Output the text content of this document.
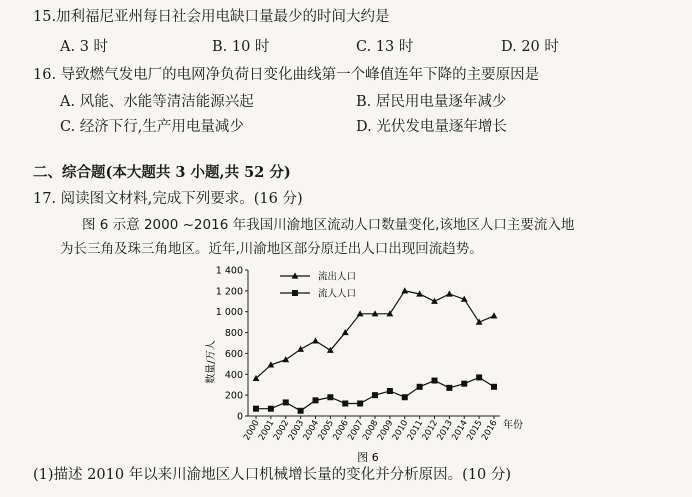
15.加利福尼亚州每日社会用电缺口量最少的时间大约是
A. 3 时	B. 10 时	C. 13 时	D. 20 时
16. 导致燃气发电厂的电网净负荷日变化曲线第一个峰值连年下降的主要原因是
A. 风能、水能等清洁能源兴起	B. 居民用电量逐年减少
C. 经济下行,生产用电量减少	D. 光伏发电量逐年增长
二、综合题(本大题共 3 小题,共 52 分)
17. 阅读图文材料,完成下列要求。(16 分)
图 6 示意 2000 ~2016 年我国川渝地区流动人口数量变化,该地区人口主要流入地
为长三角及珠三角地区。近年,川渝地区部分原迁出人口出现回流趋势。
0
200
400
600
800
1 000
1 200
1 400
2000
2001
2002
2003
2004
2005
2006
2007
2008
2009
2010
2011
2012
2013
2014
2015
2016
流出人口
流人人口
数量/万人
年份
图 6
(1)描述 2010 年以来川渝地区人口机械增长量的变化并分析原因。(10 分)
